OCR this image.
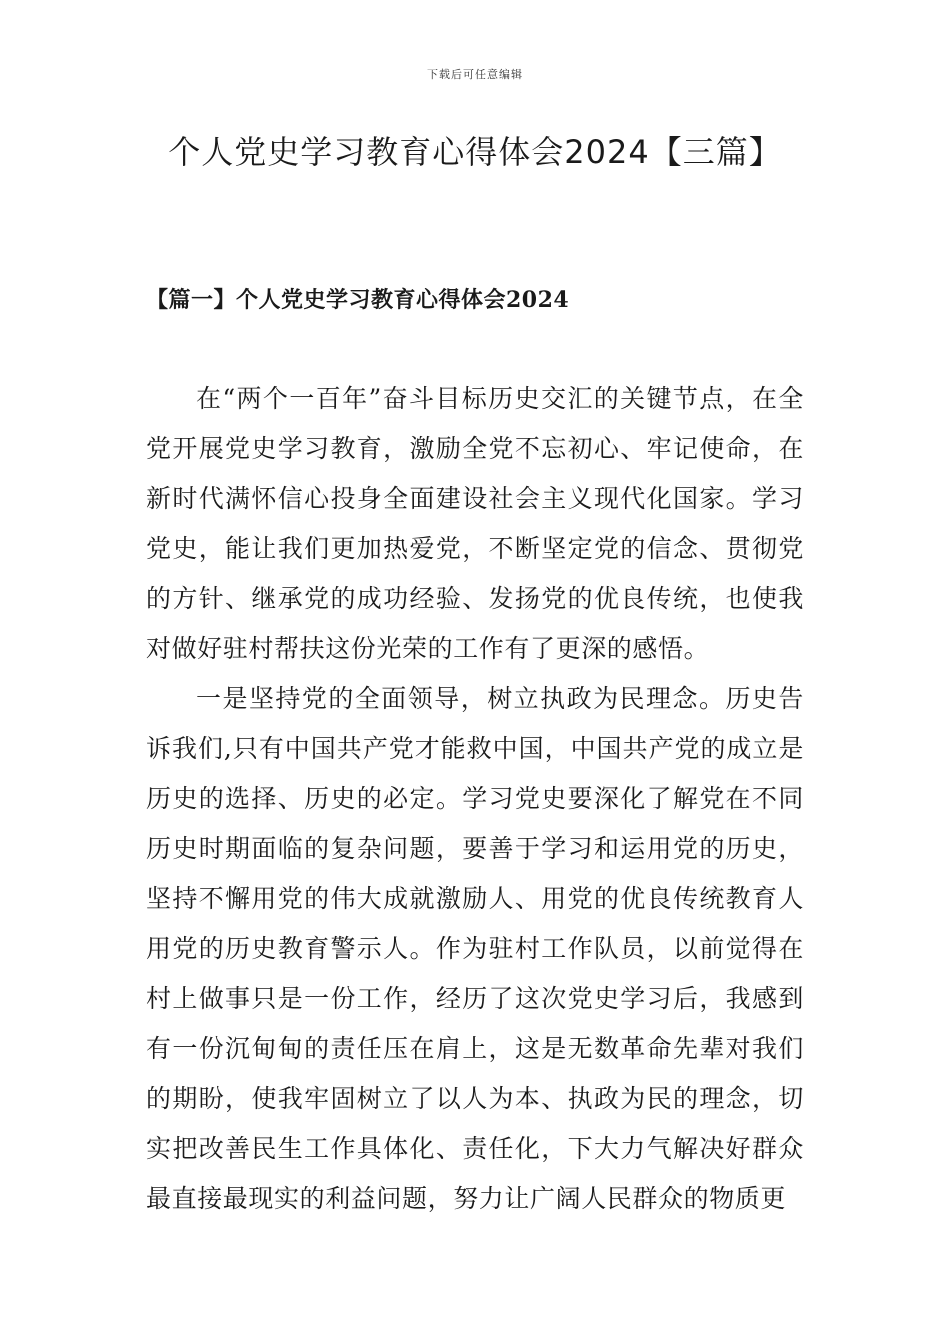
下载后可任意编辑
个人党史学习教育心得体会2024【三篇】
【篇一】个人党史学习教育心得体会2024

在“两个一百年”奋斗目标历史交汇的关键节点，在全党开展党史学习教育，激励全党不忘初心、牢记使命，在新时代满怀信心投身全面建设社会主义现代化国家。学习党史，能让我们更加热爱党，不断坚定党的信念、贯彻党的方针、继承党的成功经验、发扬党的优良传统，也使我对做好驻村帮扶这份光荣的工作有了更深的感悟。

一是坚持党的全面领导，树立执政为民理念。历史告诉我们,只有中国共产党才能救中国，中国共产党的成立是历史的选择、历史的必定。学习党史要深化了解党在不同历史时期面临的复杂问题，要善于学习和运用党的历史，坚持不懈用党的伟大成就激励人、用党的优良传统教育人用党的历史教育警示人。作为驻村工作队员，以前觉得在村上做事只是一份工作，经历了这次党史学习后，我感到有一份沉甸甸的责任压在肩上，这是无数革命先辈对我们的期盼，使我牢固树立了以人为本、执政为民的理念，切实把改善民生工作具体化、责任化，下大力气解决好群众最直接最现实的利益问题，努力让广阔人民群众的物质更
